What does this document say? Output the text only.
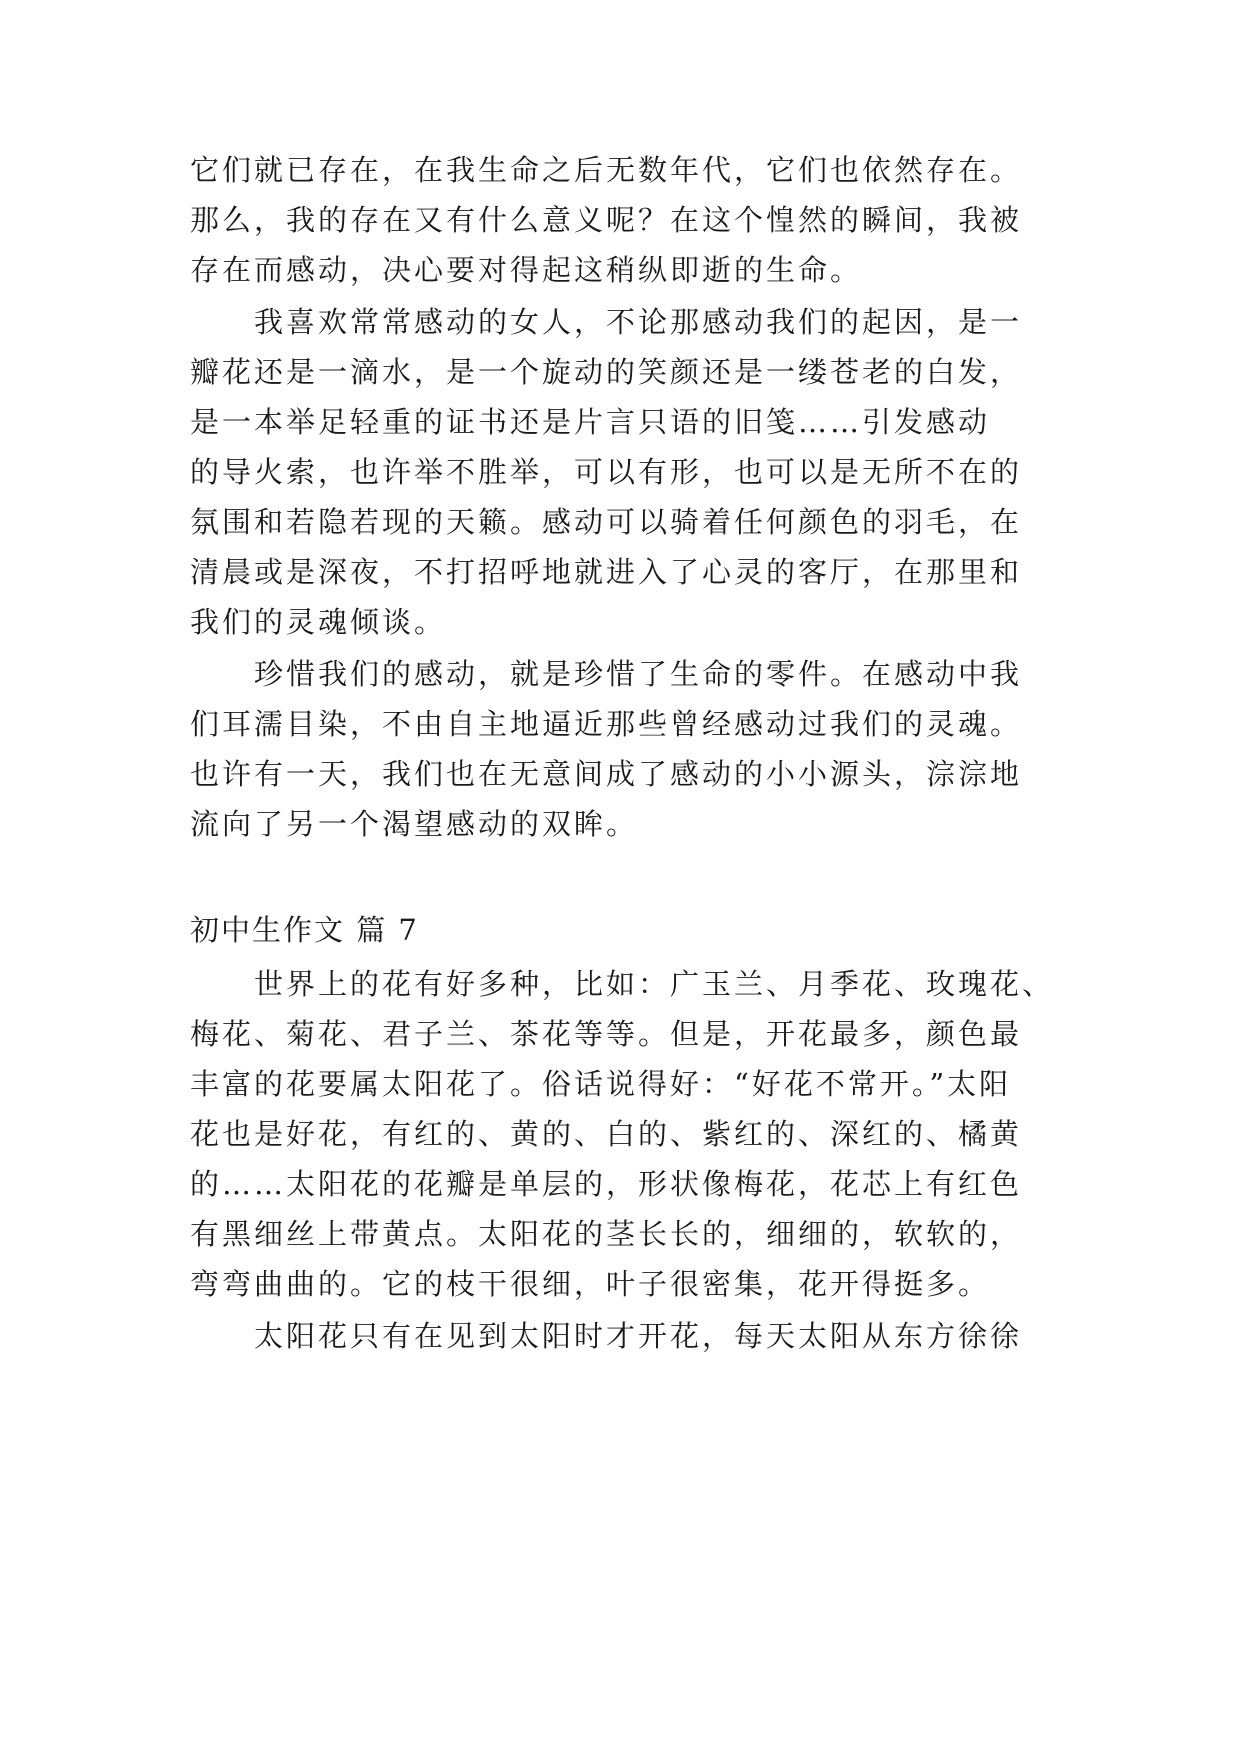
它们就已存在，在我生命之后无数年代，它们也依然存在。
那么，我的存在又有什么意义呢？在这个惶然的瞬间，我被
存在而感动，决心要对得起这稍纵即逝的生命。
我喜欢常常感动的女人，不论那感动我们的起因，是一
瓣花还是一滴水，是一个旋动的笑颜还是一缕苍老的白发，
是一本举足轻重的证书还是片言只语的旧笺……引发感动
的导火索，也许举不胜举，可以有形，也可以是无所不在的
氛围和若隐若现的天籁。感动可以骑着任何颜色的羽毛，在
清晨或是深夜，不打招呼地就进入了心灵的客厅，在那里和
我们的灵魂倾谈。
珍惜我们的感动，就是珍惜了生命的零件。在感动中我
们耳濡目染，不由自主地逼近那些曾经感动过我们的灵魂。
也许有一天，我们也在无意间成了感动的小小源头，淙淙地
流向了另一个渴望感动的双眸。
初中生作文 篇 7
世界上的花有好多种，比如：广玉兰、月季花、玫瑰花、
梅花、菊花、君子兰、茶花等等。但是，开花最多，颜色最
丰富的花要属太阳花了。俗话说得好：“好花不常开。”太阳
花也是好花，有红的、黄的、白的、紫红的、深红的、橘黄
的……太阳花的花瓣是单层的，形状像梅花，花芯上有红色
有黑细丝上带黄点。太阳花的茎长长的，细细的，软软的，
弯弯曲曲的。它的枝干很细，叶子很密集，花开得挺多。
太阳花只有在见到太阳时才开花，每天太阳从东方徐徐
